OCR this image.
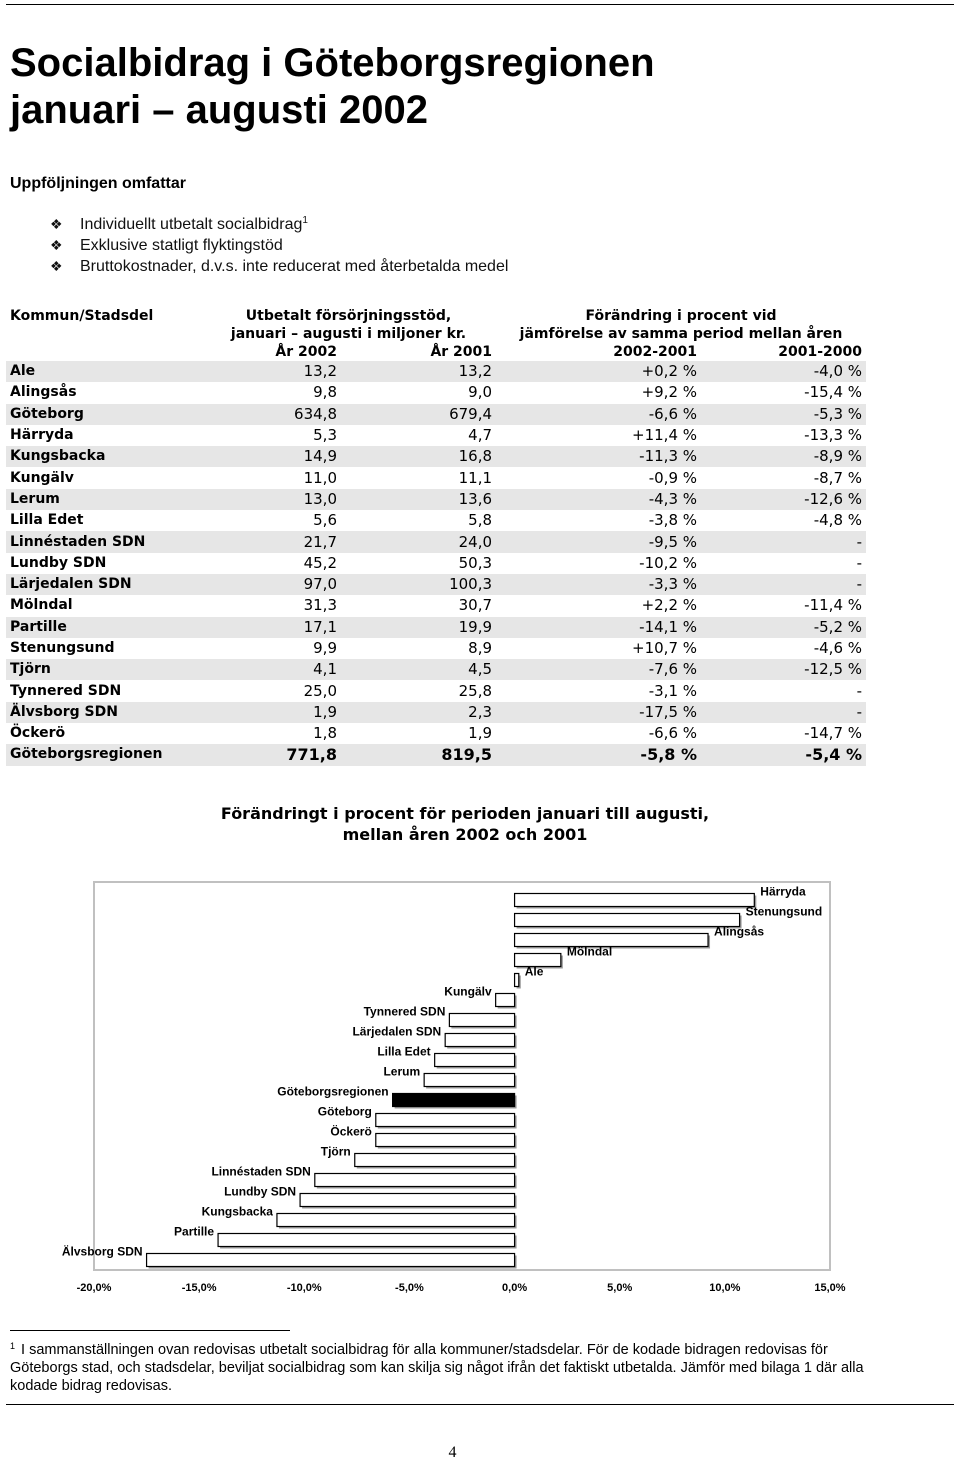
Socialbidrag i Göteborgsregionen
januari – augusti 2002
Uppföljningen omfattar
❖ Individuellt utbetalt socialbidrag$^1$
❖ Exklusive statligt flyktingstöd
❖ Bruttokostnader, d.v.s. inte reducerat med återbetalda medel
Kommun/Stadsdel	Utbetalt försörjningsstöd,
januari – augusti i miljoner kr.		Förändring i procent vid
jämförelse av samma period mellan åren	
	År 2002	År 2001	2002-2001	2001-2000
Ale	13,2	13,2	+0,2 %	-4,0 %
Alingsås	9,8	9,0	+9,2 %	-15,4 %
Göteborg	634,8	679,4	-6,6 %	-5,3 %
Härryda	5,3	4,7	+11,4 %	-13,3 %
Kungsbacka	14,9	16,8	-11,3 %	-8,9 %
Kungälv	11,0	11,1	-0,9 %	-8,7 %
Lerum	13,0	13,6	-4,3 %	-12,6 %
Lilla Edet	5,6	5,8	-3,8 %	-4,8 %
Linnéstaden SDN	21,7	24,0	-9,5 %	-
Lundby SDN	45,2	50,3	-10,2 %	-
Lärjedalen SDN	97,0	100,3	-3,3 %	-
Mölndal	31,3	30,7	+2,2 %	-11,4 %
Partille	17,1	19,9	-14,1 %	-5,2 %
Stenungsund	9,9	8,9	+10,7 %	-4,6 %
Tjörn	4,1	4,5	-7,6 %	-12,5 %
Tynnered SDN	25,0	25,8	-3,1 %	-
Älvsborg SDN	1,9	2,3	-17,5 %	-
Öckerö	1,8	1,9	-6,6 %	-14,7 %
Göteborgsregionen	771,8	819,5	-5,8 %	-5,4 %
Förändringt i procent för perioden januari till augusti,
mellan åren 2002 och 2001
Härryda
Stenungsund
Alingsås
Mölndal
Ale
Kungälv
Tynnered SDN
Lärjedalen SDN
Lilla Edet
Lerum
Göteborgsregionen
Göteborg
Öckerö
Tjörn
Linnéstaden SDN
Lundby SDN
Kungsbacka
Partille
Älvsborg SDN
-20,0%	-15,0%	-10,0%	-5,0%	0,0%	5,0%	10,0%	15,0%

$^1$ I sammanställningen ovan redovisas utbetalt socialbidrag för alla kommuner/stadsdelar. För de kodade bidragen redovisas för Göteborgs stad, och stadsdelar, beviljat socialbidrag som kan skilja sig något ifrån det faktiskt utbetalda. Jämför med bilaga 1 där alla kodade bidrag redovisas.

4
